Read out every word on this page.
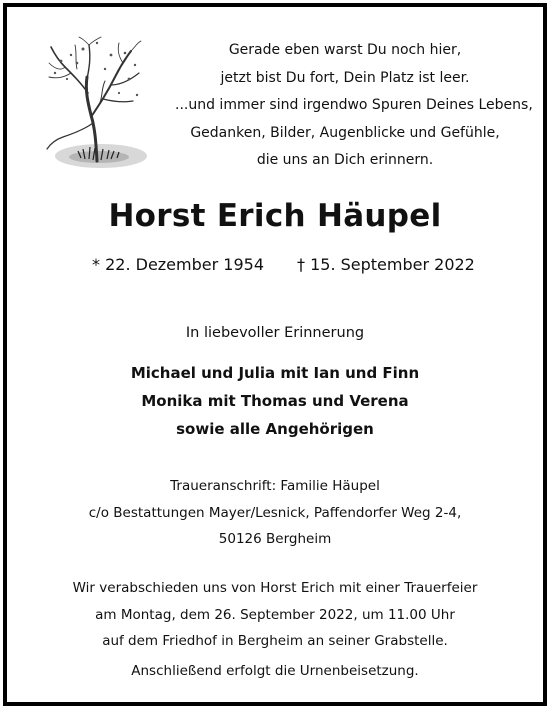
Gerade eben warst Du noch hier,
jetzt bist Du fort, Dein Platz ist leer.
...und immer sind irgendwo Spuren Deines Lebens,
Gedanken, Bilder, Augenblicke und Gefühle,
die uns an Dich erinnern.
Horst Erich Häupel
* 22. Dezember 1954 † 15. September 2022
In liebevoller Erinnerung
Michael und Julia mit Ian und Finn
Monika mit Thomas und Verena
sowie alle Angehörigen
Traueranschrift: Familie Häupel
c/o Bestattungen Mayer/Lesnick, Paffendorfer Weg 2-4,
50126 Bergheim
Wir verabschieden uns von Horst Erich mit einer Trauerfeier
am Montag, dem 26. September 2022, um 11.00 Uhr
auf dem Friedhof in Bergheim an seiner Grabstelle.
Anschließend erfolgt die Urnenbeisetzung.
